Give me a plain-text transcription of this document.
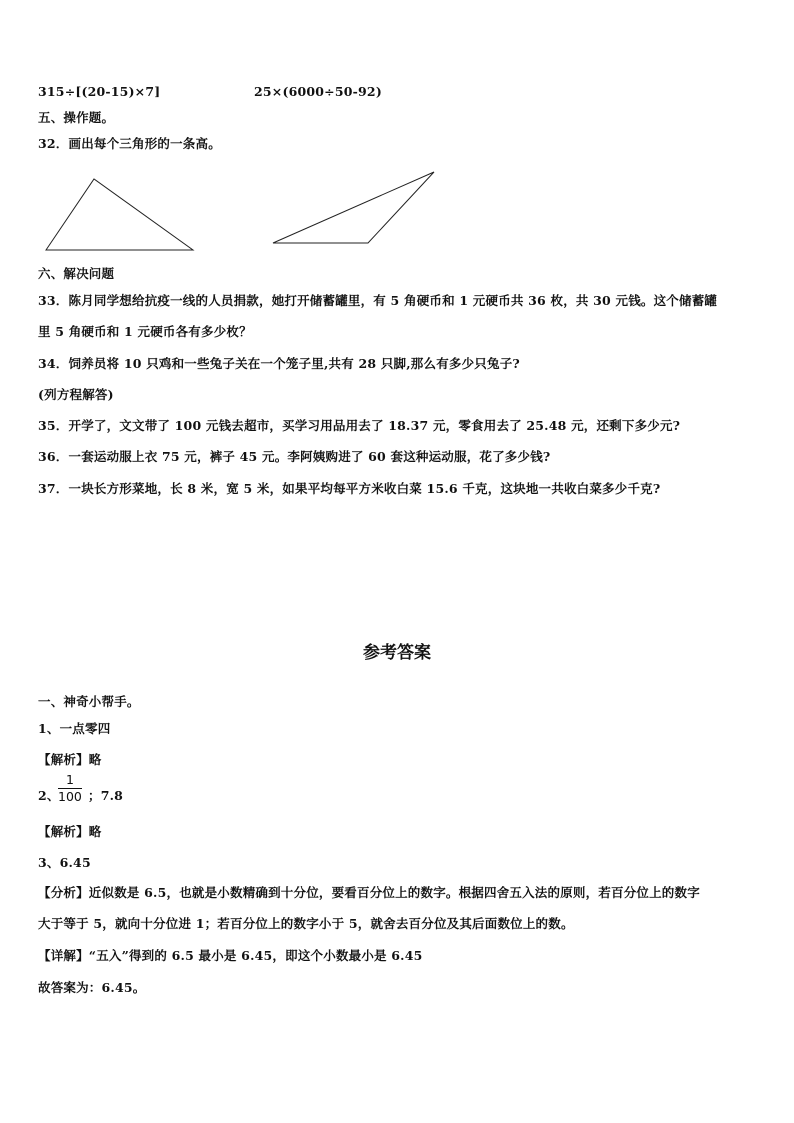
315÷[(20-15)×7]	25×(6000÷50-92)
五、操作题。
32．画出每个三角形的一条高。
六、解决问题
33．陈月同学想给抗疫一线的人员捐款，她打开储蓄罐里，有 5 角硬币和 1 元硬币共 36 枚，共 30 元钱。这个储蓄罐
里 5 角硬币和 1 元硬币各有多少枚？
34．饲养员将 10 只鸡和一些兔子关在一个笼子里,共有 28 只脚,那么有多少只兔子?
(列方程解答)
35．开学了，文文带了 100 元钱去超市，买学习用品用去了 18.37 元，零食用去了 25.48 元，还剩下多少元?
36．一套运动服上衣 75 元，裤子 45 元。李阿姨购进了 60 套这种运动服，花了多少钱?
37．一块长方形菜地，长 8 米，宽 5 米，如果平均每平方米收白菜 15.6 千克，这块地一共收白菜多少千克?
参考答案
一、神奇小帮手。
1、一点零四
【解析】略
2、
$\frac{1}{100}$ ；7.8
【解析】略
3、6.45
【分析】近似数是 6.5，也就是小数精确到十分位，要看百分位上的数字。根据四舍五入法的原则，若百分位上的数字
大于等于 5，就向十分位进 1；若百分位上的数字小于 5，就舍去百分位及其后面数位上的数。
【详解】“五入”得到的 6.5 最小是 6.45，即这个小数最小是 6.45
故答案为：6.45。
